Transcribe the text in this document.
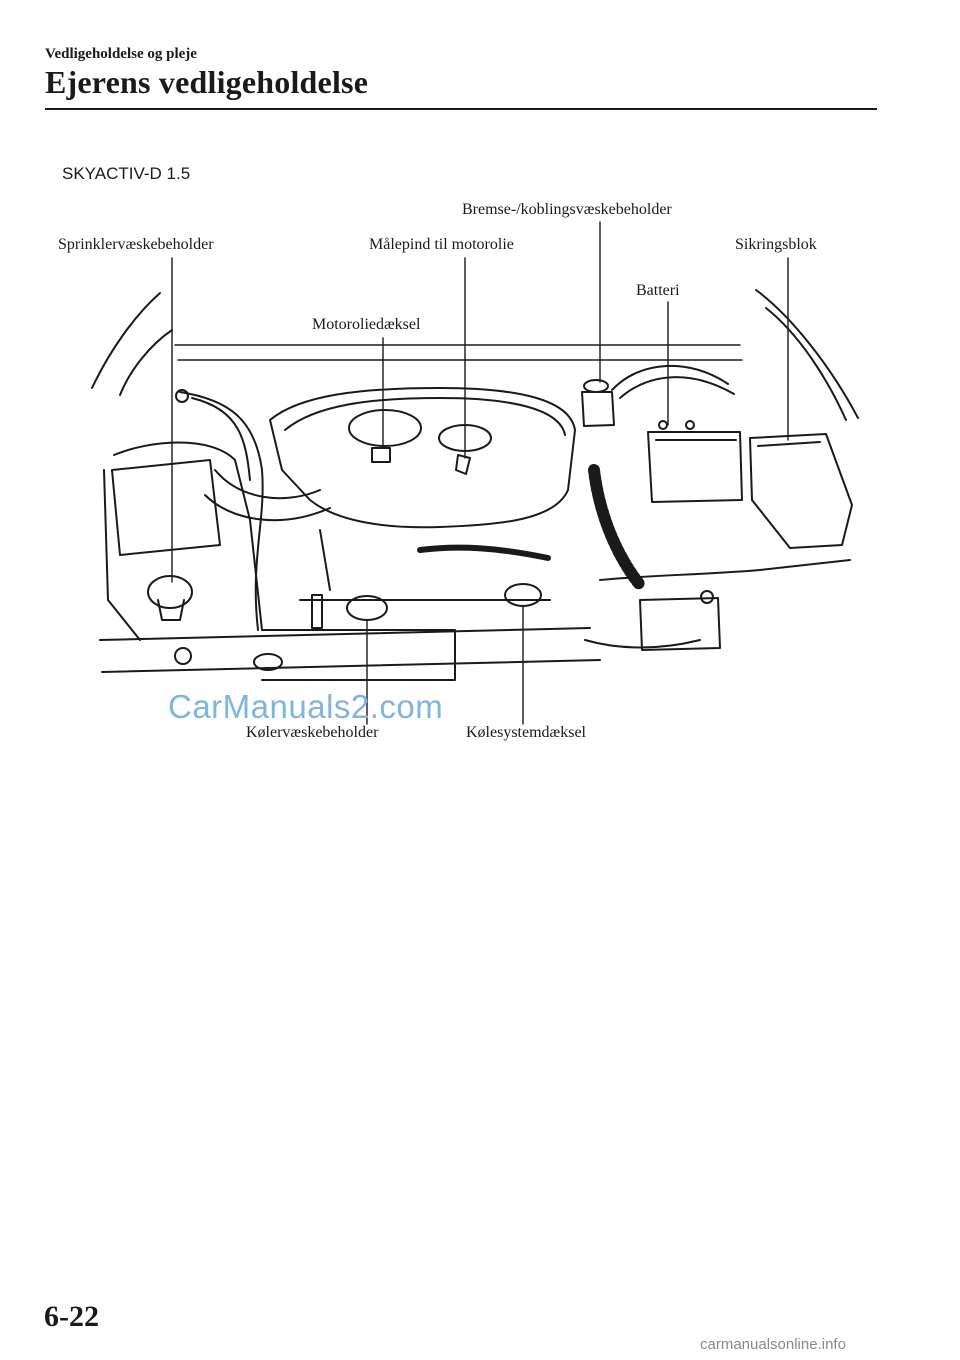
Vedligeholdelse og pleje
Ejerens vedligeholdelse
SKYACTIV-D 1.5
Bremse-/koblingsvæskebeholder
Sprinklervæskebeholder	Målepind til motorolie	Sikringsblok
Batteri
Motoroliedæksel
Kølervæskebeholder	Kølesystemdæksel
CarManuals2.com
6-22
carmanualsonline.info
